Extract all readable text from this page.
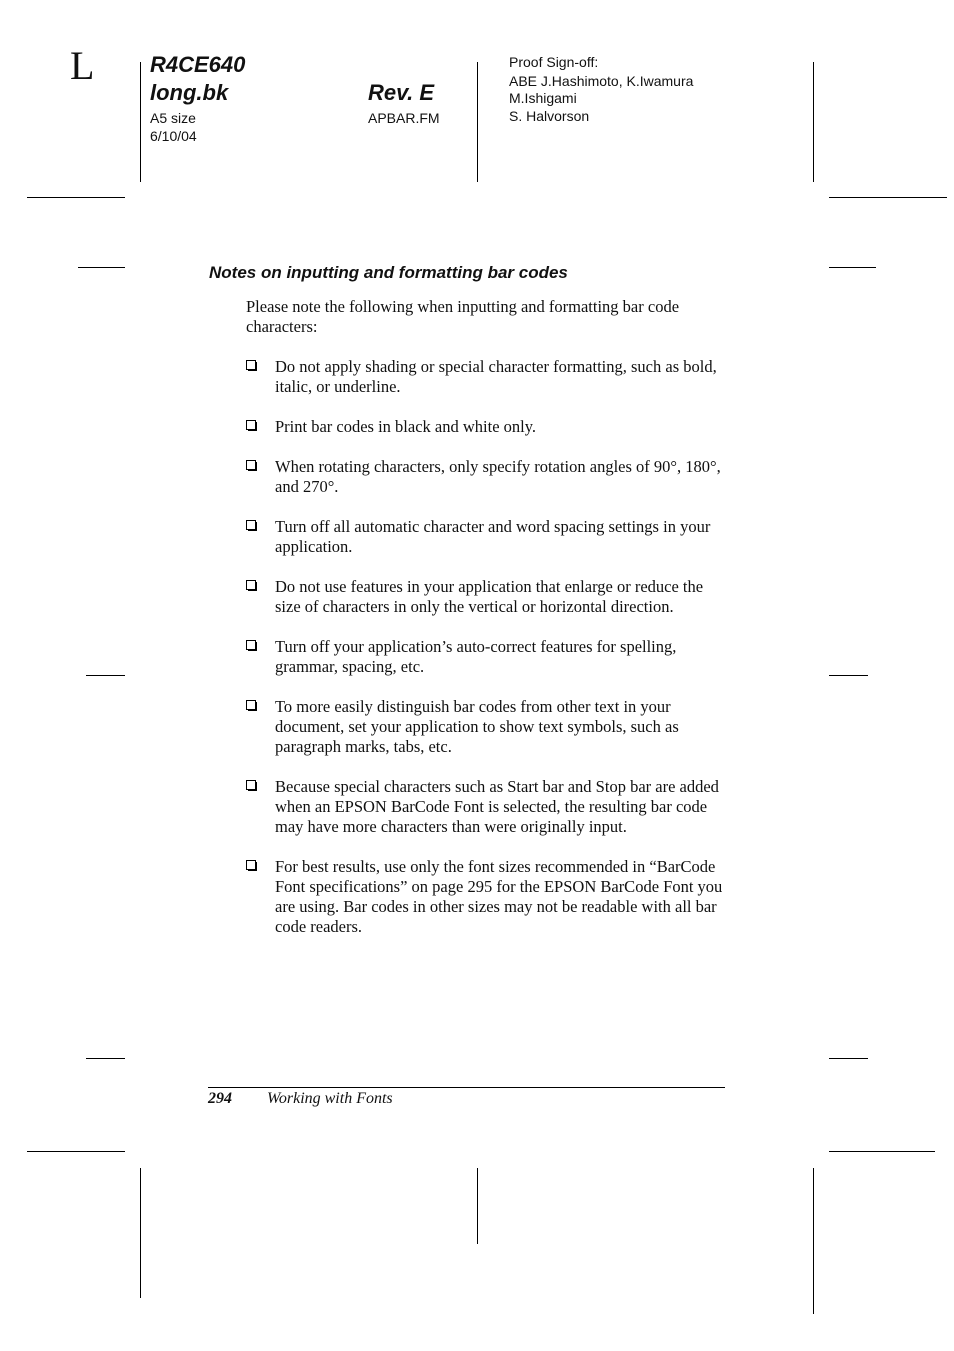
L	R4CE640
long.bk
A5 size
6/10/04
Rev. E
APBAR.FM
Proof Sign-off:
ABE J.Hashimoto, K.Iwamura
M.Ishigami
S. Halvorson
Notes on inputting and formatting bar codes
Please note the following when inputting and formatting bar code characters:
Do not apply shading or special character formatting, such as bold, italic, or underline.
Print bar codes in black and white only.
When rotating characters, only specify rotation angles of 90°, 180°, and 270°.
Turn off all automatic character and word spacing settings in your application.
Do not use features in your application that enlarge or reduce the size of characters in only the vertical or horizontal direction.
Turn off your application’s auto-correct features for spelling, grammar, spacing, etc.
To more easily distinguish bar codes from other text in your document, set your application to show text symbols, such as paragraph marks, tabs, etc.
Because special characters such as Start bar and Stop bar are added when an EPSON BarCode Font is selected, the resulting bar code may have more characters than were originally input.
For best results, use only the font sizes recommended in “BarCode Font specifications” on page 295 for the EPSON BarCode Font you are using. Bar codes in other sizes may not be readable with all bar code readers.
294 Working with Fonts
